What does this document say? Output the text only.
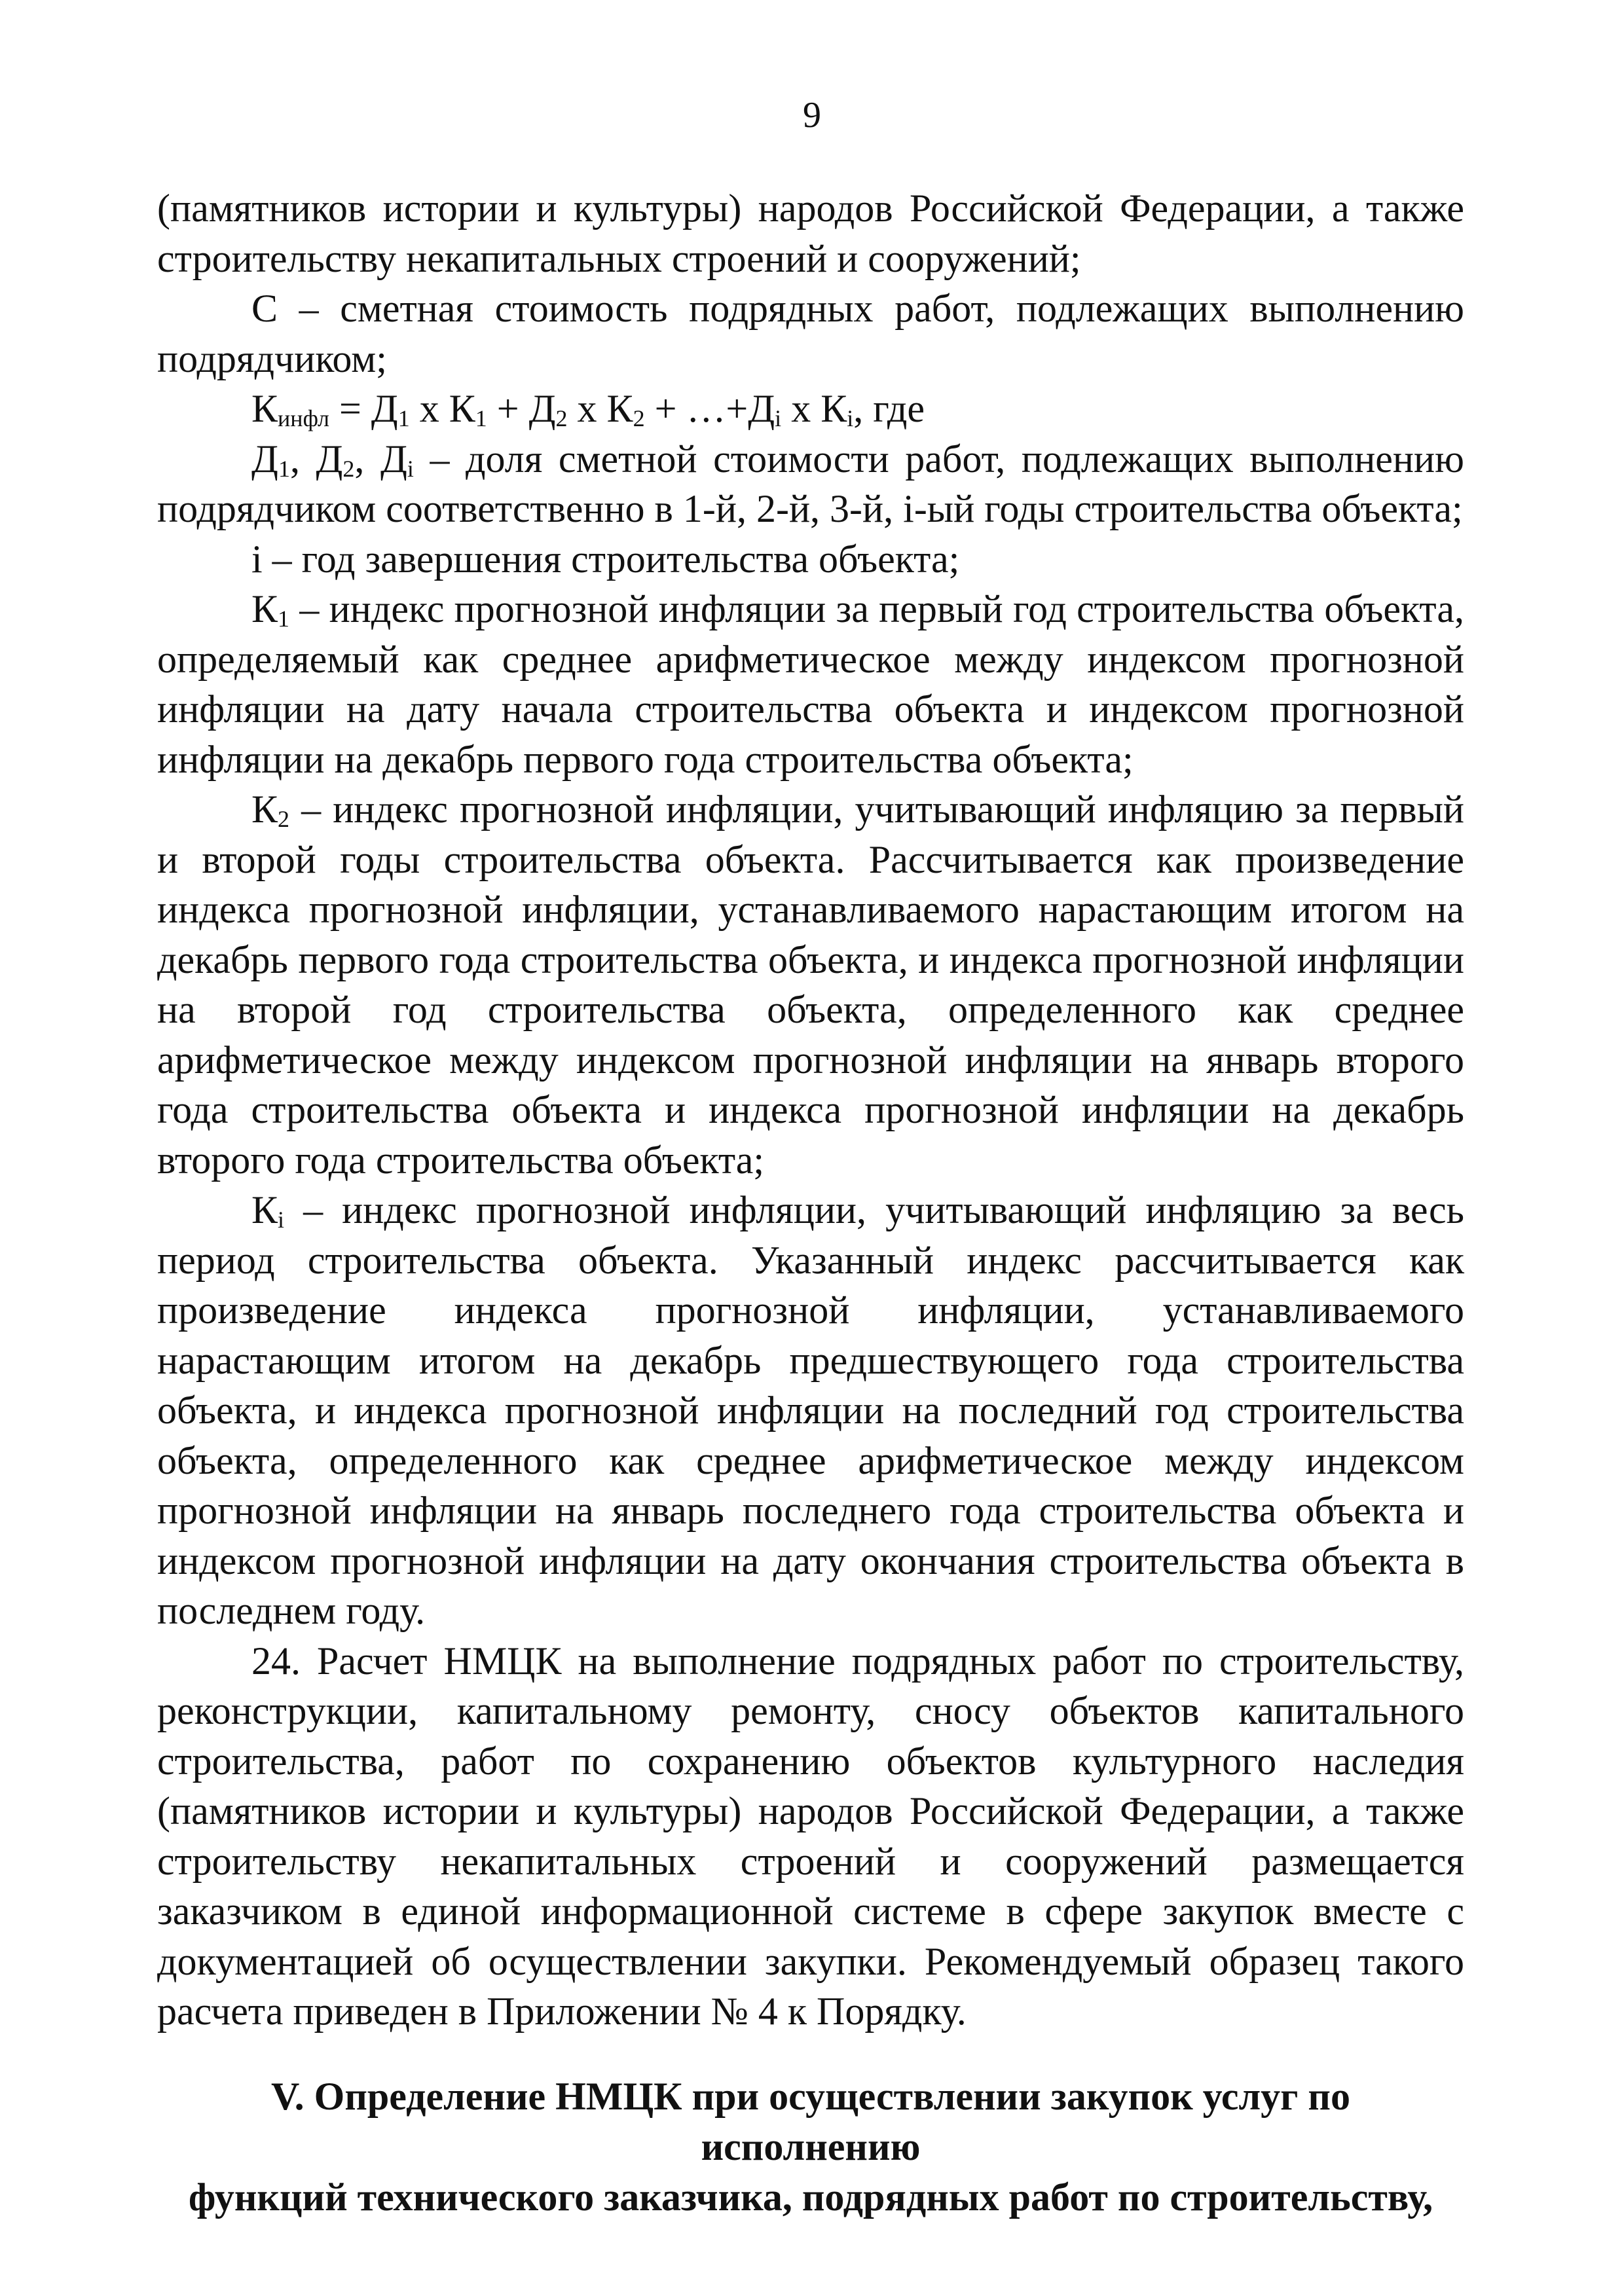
9

(памятников истории и культуры) народов Российской Федерации, а также строительству некапитальных строений и сооружений;

С – сметная стоимость подрядных работ, подлежащих выполнению подрядчиком;

$К_{инфл} = Д_1$ х $К_1 + Д_2$ х $К_2$ + $\dots+Д_i$ х $К_i$, где

$Д_1$, $Д_2$, $Д_i$ – доля сметной стоимости работ, подлежащих выполнению подрядчиком соответственно в 1-й, 2-й, 3-й, i-ый годы строительства объекта;

i – год завершения строительства объекта;

$К_1$ – индекс прогнозной инфляции за первый год строительства объекта, определяемый как среднее арифметическое между индексом прогнозной инфляции на дату начала строительства объекта и индексом прогнозной инфляции на декабрь первого года строительства объекта;

$К_2$ – индекс прогнозной инфляции, учитывающий инфляцию за первый и второй годы строительства объекта. Рассчитывается как произведение индекса прогнозной инфляции, устанавливаемого нарастающим итогом на декабрь первого года строительства объекта, и индекса прогнозной инфляции на второй год строительства объекта, определенного как среднее арифметическое между индексом прогнозной инфляции на январь второго года строительства объекта и индекса прогнозной инфляции на декабрь второго года строительства объекта;

$К_i$ – индекс прогнозной инфляции, учитывающий инфляцию за весь период строительства объекта. Указанный индекс рассчитывается как произведение индекса прогнозной инфляции, устанавливаемого нарастающим итогом на декабрь предшествующего года строительства объекта, и индекса прогнозной инфляции на последний год строительства объекта, определенного как среднее арифметическое между индексом прогнозной инфляции на январь последнего года строительства объекта и индексом прогнозной инфляции на дату окончания строительства объекта в последнем году.

24. Расчет НМЦК на выполнение подрядных работ по строительству, реконструкции, капитальному ремонту, сносу объектов капитального строительства, работ по сохранению объектов культурного наследия (памятников истории и культуры) народов Российской Федерации, а также строительству некапитальных строений и сооружений размещается заказчиком в единой информационной системе в сфере закупок вместе с документацией об осуществлении закупки. Рекомендуемый образец такого расчета приведен в Приложении № 4 к Порядку.

V. Определение НМЦК при осуществлении закупок услуг по исполнению
функций технического заказчика, подрядных работ по строительству,
